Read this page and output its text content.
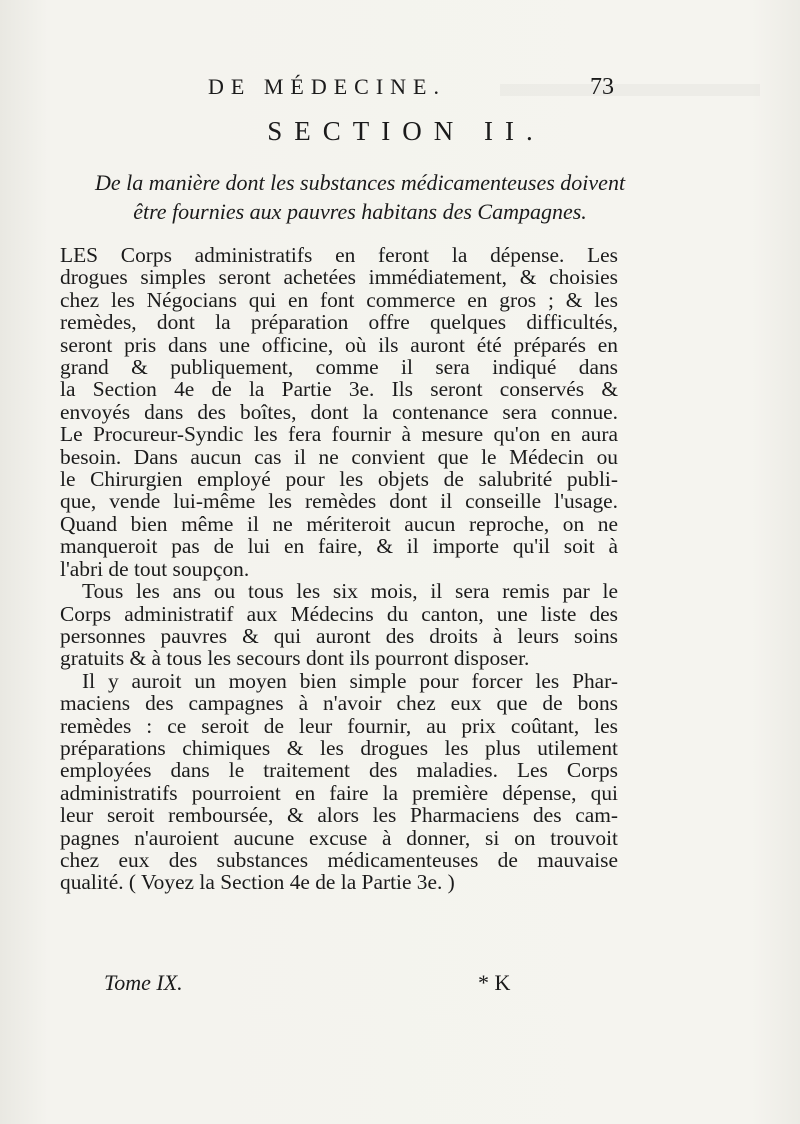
DE MÉDECINE.	73
SECTION II.
De la manière dont les substances médicamenteuses doivent
être fournies aux pauvres habitans des Campagnes.
LES Corps administratifs en feront la dépense. Les
drogues simples seront achetées immédiatement, & choisies
chez les Négocians qui en font commerce en gros ; & les
remèdes, dont la préparation offre quelques difficultés,
seront pris dans une officine, où ils auront été préparés en
grand & publiquement, comme il sera indiqué dans
la Section 4e de la Partie 3e. Ils seront conservés &
envoyés dans des boîtes, dont la contenance sera connue.
Le Procureur-Syndic les fera fournir à mesure qu'on en aura
besoin. Dans aucun cas il ne convient que le Médecin ou
le Chirurgien employé pour les objets de salubrité publi-
que, vende lui-même les remèdes dont il conseille l'usage.
Quand bien même il ne mériteroit aucun reproche, on ne
manqueroit pas de lui en faire, & il importe qu'il soit à
l'abri de tout soupçon.
Tous les ans ou tous les six mois, il sera remis par le
Corps administratif aux Médecins du canton, une liste des
personnes pauvres & qui auront des droits à leurs soins
gratuits & à tous les secours dont ils pourront disposer.
Il y auroit un moyen bien simple pour forcer les Phar-
maciens des campagnes à n'avoir chez eux que de bons
remèdes : ce seroit de leur fournir, au prix coûtant, les
préparations chimiques & les drogues les plus utilement
employées dans le traitement des maladies. Les Corps
administratifs pourroient en faire la première dépense, qui
leur seroit remboursée, & alors les Pharmaciens des cam-
pagnes n'auroient aucune excuse à donner, si on trouvoit
chez eux des substances médicamenteuses de mauvaise
qualité. ( Voyez la Section 4e de la Partie 3e. )
Tome IX.	* K
